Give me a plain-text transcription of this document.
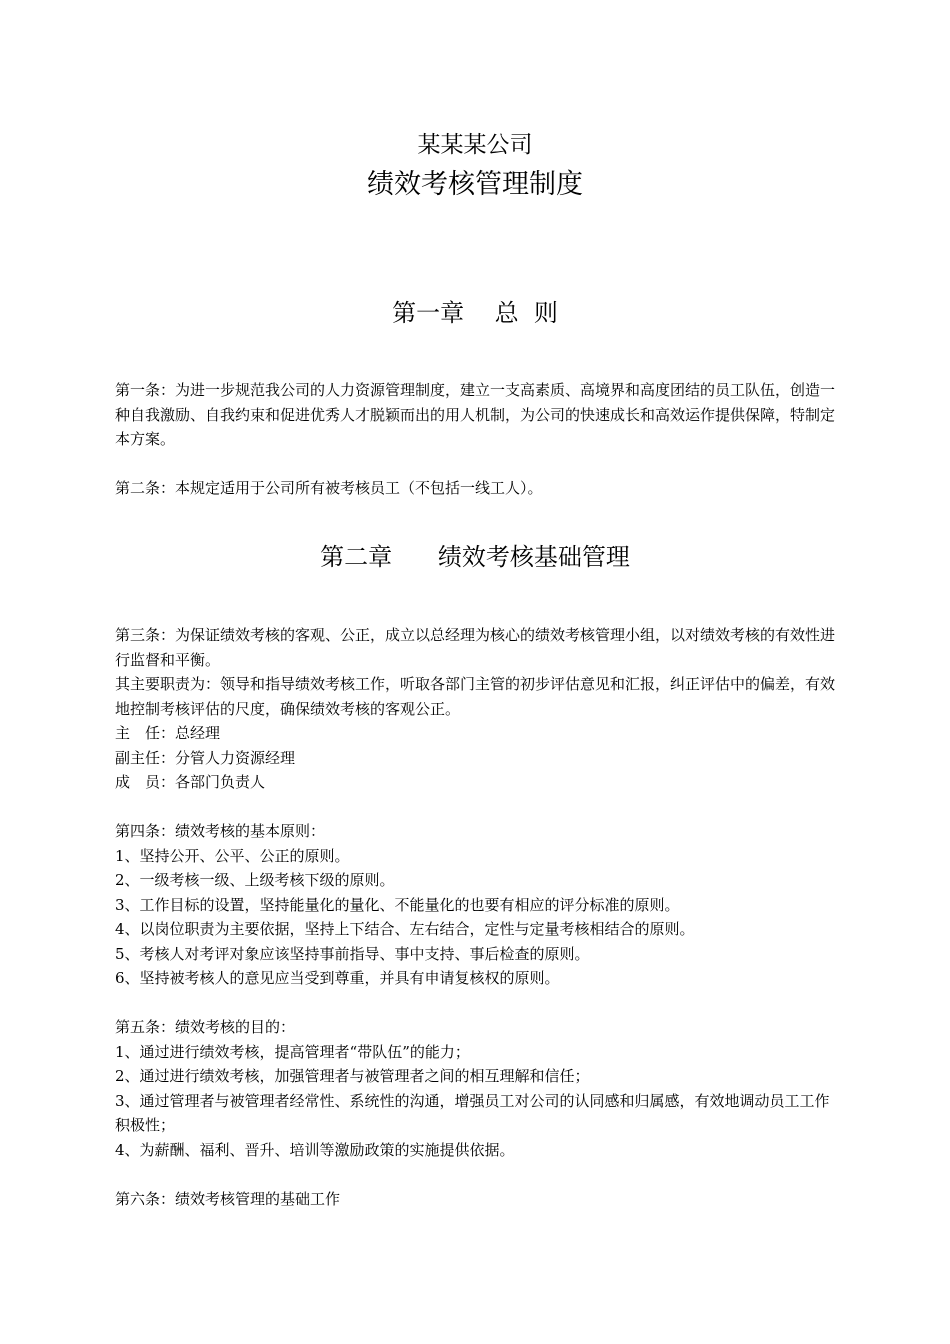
某某某公司
绩效考核管理制度
第一章    总  则

第一条：为进一步规范我公司的人力资源管理制度，建立一支高素质、高境界和高度团结的员工队伍，创造一种自我激励、自我约束和促进优秀人才脱颖而出的用人机制，为公司的快速成长和高效运作提供保障，特制定本方案。

第二条：本规定适用于公司所有被考核员工（不包括一线工人）。

第二章      绩效考核基础管理

第三条：为保证绩效考核的客观、公正，成立以总经理为核心的绩效考核管理小组，以对绩效考核的有效性进行监督和平衡。

其主要职责为：领导和指导绩效考核工作，听取各部门主管的初步评估意见和汇报，纠正评估中的偏差，有效地控制考核评估的尺度，确保绩效考核的客观公正。

主　任：总经理

副主任：分管人力资源经理

成　员：各部门负责人

第四条：绩效考核的基本原则：

1、坚持公开、公平、公正的原则。

2、一级考核一级、上级考核下级的原则。

3、工作目标的设置，坚持能量化的量化、不能量化的也要有相应的评分标准的原则。

4、以岗位职责为主要依据，坚持上下结合、左右结合，定性与定量考核相结合的原则。

5、考核人对考评对象应该坚持事前指导、事中支持、事后检查的原则。

6、坚持被考核人的意见应当受到尊重，并具有申请复核权的原则。

第五条：绩效考核的目的：

1、通过进行绩效考核，提高管理者“带队伍”的能力；

2、通过进行绩效考核，加强管理者与被管理者之间的相互理解和信任；

3、通过管理者与被管理者经常性、系统性的沟通，增强员工对公司的认同感和归属感，有效地调动员工工作积极性；

4、为薪酬、福利、晋升、培训等激励政策的实施提供依据。

第六条：绩效考核管理的基础工作
